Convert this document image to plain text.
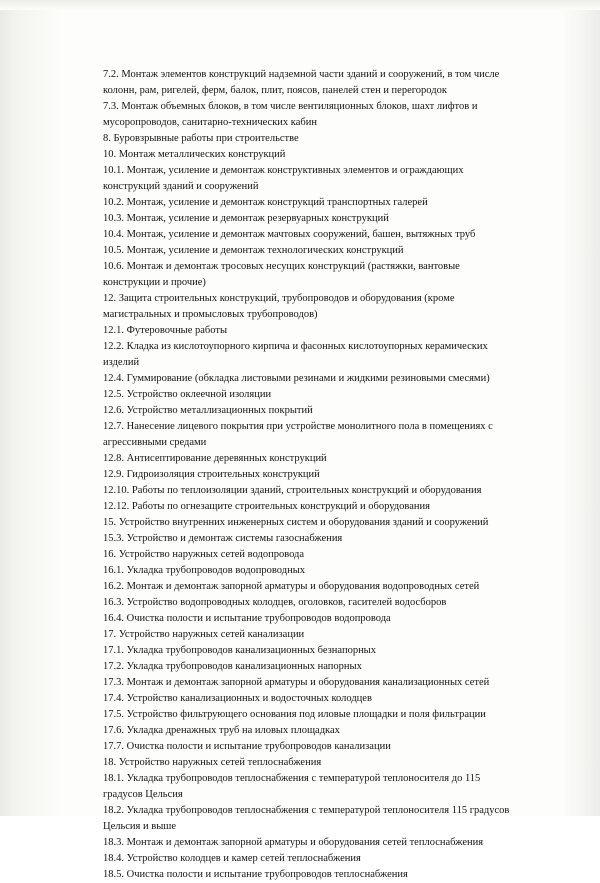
7.2. Монтаж элементов конструкций надземной части зданий и сооружений, в том числе
колонн, рам, ригелей, ферм, балок, плит, поясов, панелей стен и перегородок
7.3. Монтаж объемных блоков, в том числе вентиляционных блоков, шахт лифтов и
мусоропроводов, санитарно-технических кабин
8. Буровзрывные работы при строительстве
10. Монтаж металлических конструкций
10.1. Монтаж, усиление и демонтаж конструктивных элементов и ограждающих
конструкций зданий и сооружений
10.2. Монтаж, усиление и демонтаж конструкций транспортных галерей
10.3. Монтаж, усиление и демонтаж резервуарных конструкций
10.4. Монтаж, усиление и демонтаж мачтовых сооружений, башен, вытяжных труб
10.5. Монтаж, усиление и демонтаж технологических конструкций
10.6. Монтаж и демонтаж тросовых несущих конструкций (растяжки, вантовые
конструкции и прочие)
12. Защита строительных конструкций, трубопроводов и оборудования (кроме
магистральных и промысловых трубопроводов)
12.1. Футеровочные работы
12.2. Кладка из кислотоупорного кирпича и фасонных кислотоупорных керамических
изделий
12.4. Гуммирование (обкладка листовыми резинами и жидкими резиновыми смесями)
12.5. Устройство оклеечной изоляции
12.6. Устройство металлизационных покрытий
12.7. Нанесение лицевого покрытия при устройстве монолитного пола в помещениях с
агрессивными средами
12.8. Антисептирование деревянных конструкций
12.9. Гидроизоляция строительных конструкций
12.10. Работы по теплоизоляции зданий, строительных конструкций и оборудования
12.12. Работы по огнезащите строительных конструкций и оборудования
15. Устройство внутренних инженерных систем и оборудования зданий и сооружений
15.3. Устройство и демонтаж системы газоснабжения
16. Устройство наружных сетей водопровода
16.1. Укладка трубопроводов водопроводных
16.2. Монтаж и демонтаж запорной арматуры и оборудования водопроводных сетей
16.3. Устройство водопроводных колодцев, оголовков, гасителей водосборов
16.4. Очистка полости и испытание трубопроводов водопровода
17. Устройство наружных сетей канализации
17.1. Укладка трубопроводов канализационных безнапорных
17.2. Укладка трубопроводов канализационных напорных
17.3. Монтаж и демонтаж запорной арматуры и оборудования канализационных сетей
17.4. Устройство канализационных и водосточных колодцев
17.5. Устройство фильтрующего основания под иловые площадки и поля фильтрации
17.6. Укладка дренажных труб на иловых площадках
17.7. Очистка полости и испытание трубопроводов канализации
18. Устройство наружных сетей теплоснабжения
18.1. Укладка трубопроводов теплоснабжения с температурой теплоносителя до 115
градусов Цельсия
18.2. Укладка трубопроводов теплоснабжения с температурой теплоносителя 115 градусов
Цельсия и выше
18.3. Монтаж и демонтаж запорной арматуры и оборудования сетей теплоснабжения
18.4. Устройство колодцев и камер сетей теплоснабжения
18.5. Очистка полости и испытание трубопроводов теплоснабжения
